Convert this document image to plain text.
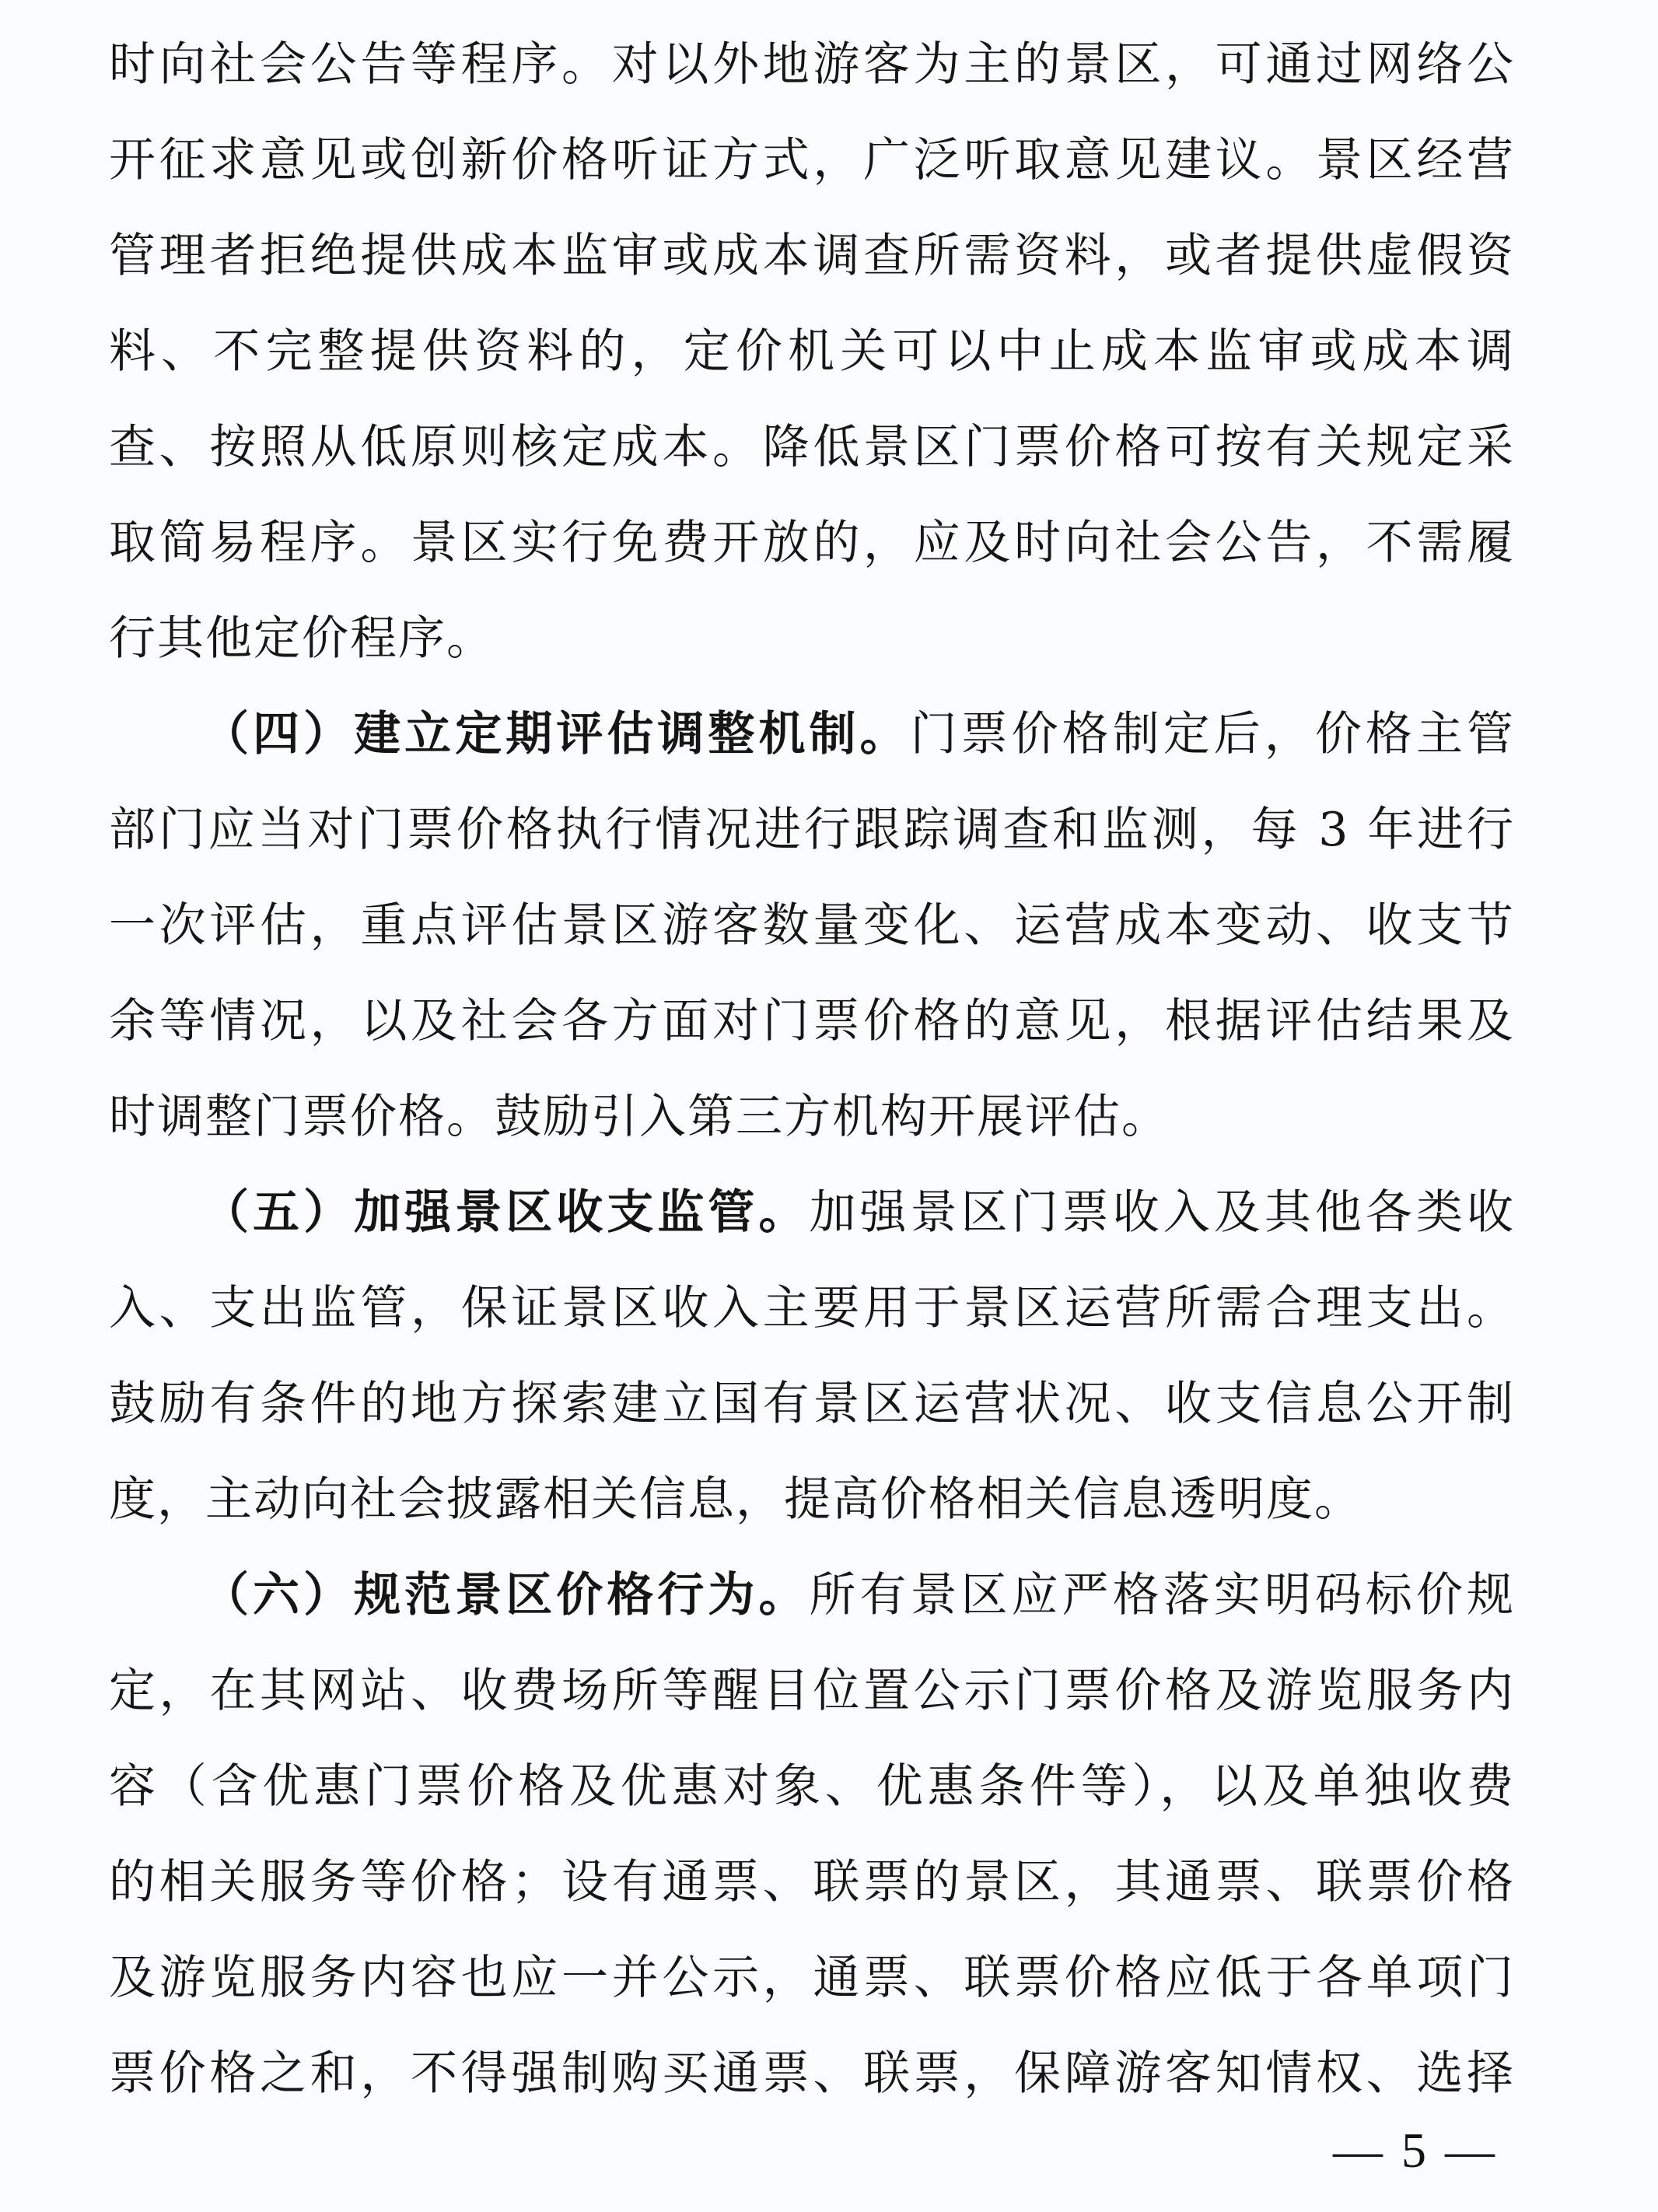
时向社会公告等程序。对以外地游客为主的景区，可通过网络公
开征求意见或创新价格听证方式，广泛听取意见建议。景区经营
管理者拒绝提供成本监审或成本调查所需资料，或者提供虚假资
料、不完整提供资料的，定价机关可以中止成本监审或成本调
查、按照从低原则核定成本。降低景区门票价格可按有关规定采
取简易程序。景区实行免费开放的，应及时向社会公告，不需履
行其他定价程序。
（四）建立定期评估调整机制。门票价格制定后，价格主管
部门应当对门票价格执行情况进行跟踪调查和监测，每 3 年进行
一次评估，重点评估景区游客数量变化、运营成本变动、收支节
余等情况，以及社会各方面对门票价格的意见，根据评估结果及
时调整门票价格。鼓励引入第三方机构开展评估。
（五）加强景区收支监管。加强景区门票收入及其他各类收
入、支出监管，保证景区收入主要用于景区运营所需合理支出。
鼓励有条件的地方探索建立国有景区运营状况、收支信息公开制
度，主动向社会披露相关信息，提高价格相关信息透明度。
（六）规范景区价格行为。所有景区应严格落实明码标价规
定，在其网站、收费场所等醒目位置公示门票价格及游览服务内
容（含优惠门票价格及优惠对象、优惠条件等），以及单独收费
的相关服务等价格；设有通票、联票的景区，其通票、联票价格
及游览服务内容也应一并公示，通票、联票价格应低于各单项门
票价格之和，不得强制购买通票、联票，保障游客知情权、选择
— 5 —
